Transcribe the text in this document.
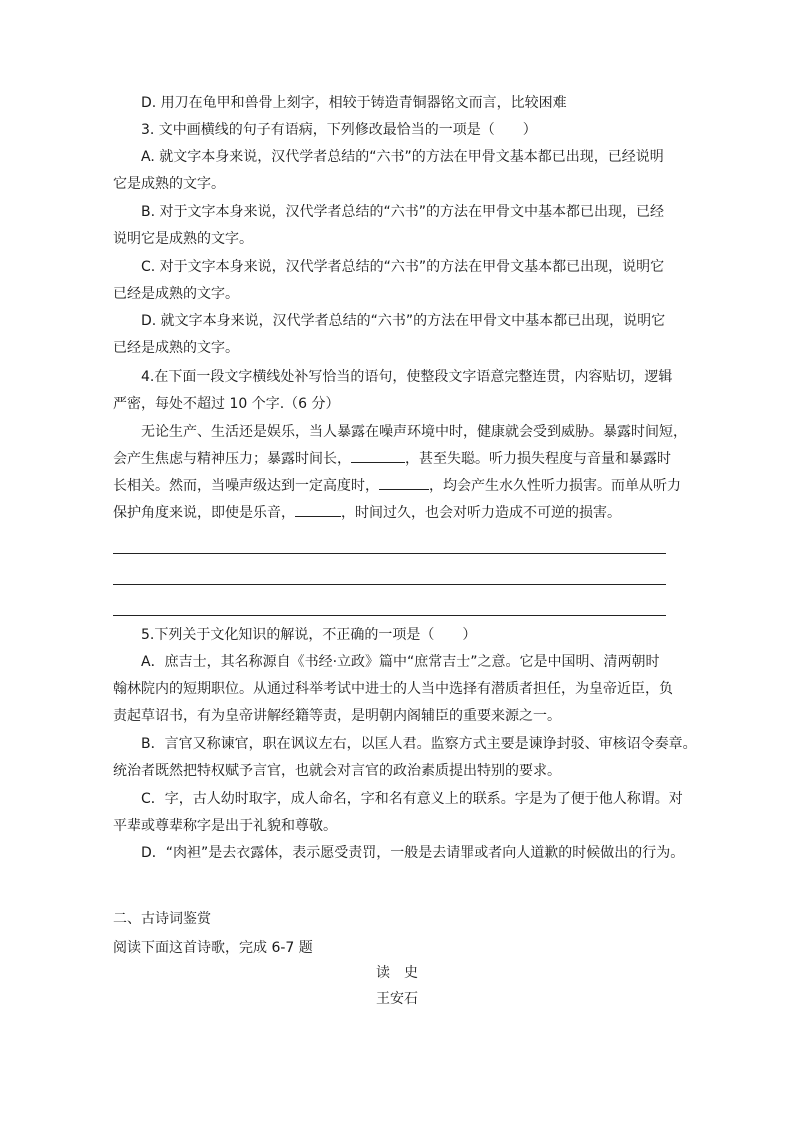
D. 用刀在龟甲和兽骨上刻字，相较于铸造青铜器铭文而言，比较困难

3. 文中画横线的句子有语病，下列修改最恰当的一项是（　　）

A. 就文字本身来说，汉代学者总结的“六书”的方法在甲骨文基本都已出现，已经说明

它是成熟的文字。

B. 对于文字本身来说，汉代学者总结的“六书”的方法在甲骨文中基本都已出现，已经

说明它是成熟的文字。

C. 对于文字本身来说，汉代学者总结的“六书”的方法在甲骨文基本都已出现，说明它

已经是成熟的文字。

D. 就文字本身来说，汉代学者总结的“六书”的方法在甲骨文中基本都已出现，说明它

已经是成熟的文字。

4.在下面一段文字横线处补写恰当的语句，使整段文字语意完整连贯，内容贴切，逻辑

严密，每处不超过 10 个字.（6 分）

无论生产、生活还是娱乐，当人暴露在噪声环境中时，健康就会受到威胁。暴露时间短，

会产生焦虑与精神压力；暴露时间长，	，甚至失聪。听力损失程度与音量和暴露时

长相关。然而，当噪声级达到一定高度时，	，均会产生水久性听力损害。而单从听力

保护角度来说，即使是乐音，	，时间过久，也会对听力造成不可逆的损害。

5.下列关于文化知识的解说，不正确的一项是（　　）

A．庶吉士，其名称源自《书经·立政》篇中“庶常吉士”之意。它是中国明、清两朝时

翰林院内的短期职位。从通过科举考试中进士的人当中选择有潜质者担任，为皇帝近臣，负

责起草诏书，有为皇帝讲解经籍等责，是明朝内阁辅臣的重要来源之一。

B．言官又称谏官，职在讽议左右，以匡人君。监察方式主要是谏诤封驳、审核诏令奏章。

统治者既然把特权赋予言官，也就会对言官的政治素质提出特别的要求。

C．字，古人幼时取字，成人命名，字和名有意义上的联系。字是为了便于他人称谓。对

平辈或尊辈称字是出于礼貌和尊敬。

D．“肉袒”是去衣露体，表示愿受责罚，一般是去请罪或者向人道歉的时候做出的行为。

二、古诗词鉴赏

阅读下面这首诗歌，完成 6-7 题

读　史
王安石
